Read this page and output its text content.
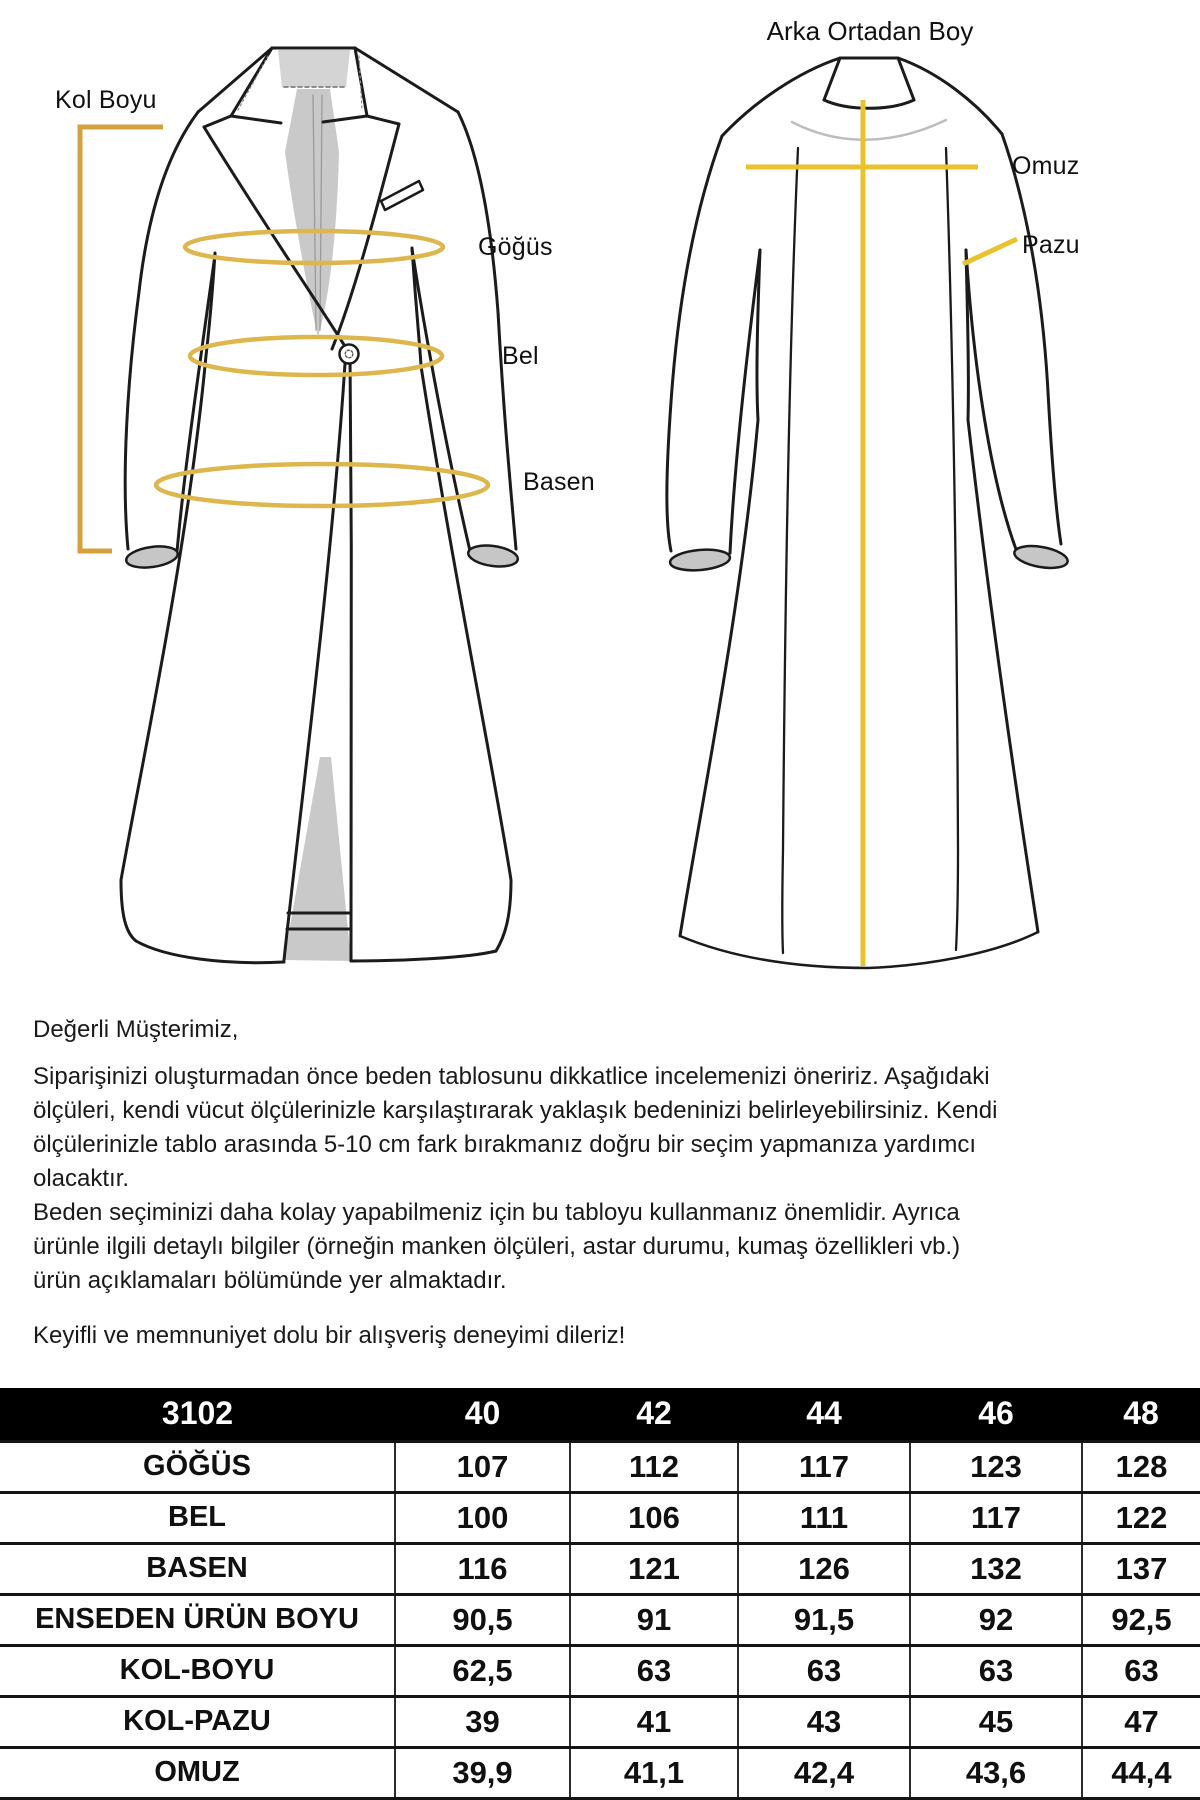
Kol Boyu
Arka Ortadan Boy
Göğüs
Bel
Basen
Omuz
Pazu
Değerli Müşterimiz,
Siparişinizi oluşturmadan önce beden tablosunu dikkatlice incelemenizi öneririz. Aşağıdaki
ölçüleri, kendi vücut ölçülerinizle karşılaştırarak yaklaşık bedeninizi belirleyebilirsiniz. Kendi
ölçülerinizle tablo arasında 5-10 cm fark bırakmanız doğru bir seçim yapmanıza yardımcı
olacaktır.
Beden seçiminizi daha kolay yapabilmeniz için bu tabloyu kullanmanız önemlidir. Ayrıca
ürünle ilgili detaylı bilgiler (örneğin manken ölçüleri, astar durumu, kumaş özellikleri vb.)
ürün açıklamaları bölümünde yer almaktadır.
Keyifli ve memnuniyet dolu bir alışveriş deneyimi dileriz!
3102	40	42	44	46	48
GÖĞÜS	107	112	117	123	128
BEL	100	106	111	117	122
BASEN	116	121	126	132	137
ENSEDEN ÜRÜN BOYU	90,5	91	91,5	92	92,5
KOL-BOYU	62,5	63	63	63	63
KOL-PAZU	39	41	43	45	47
OMUZ	39,9	41,1	42,4	43,6	44,4
